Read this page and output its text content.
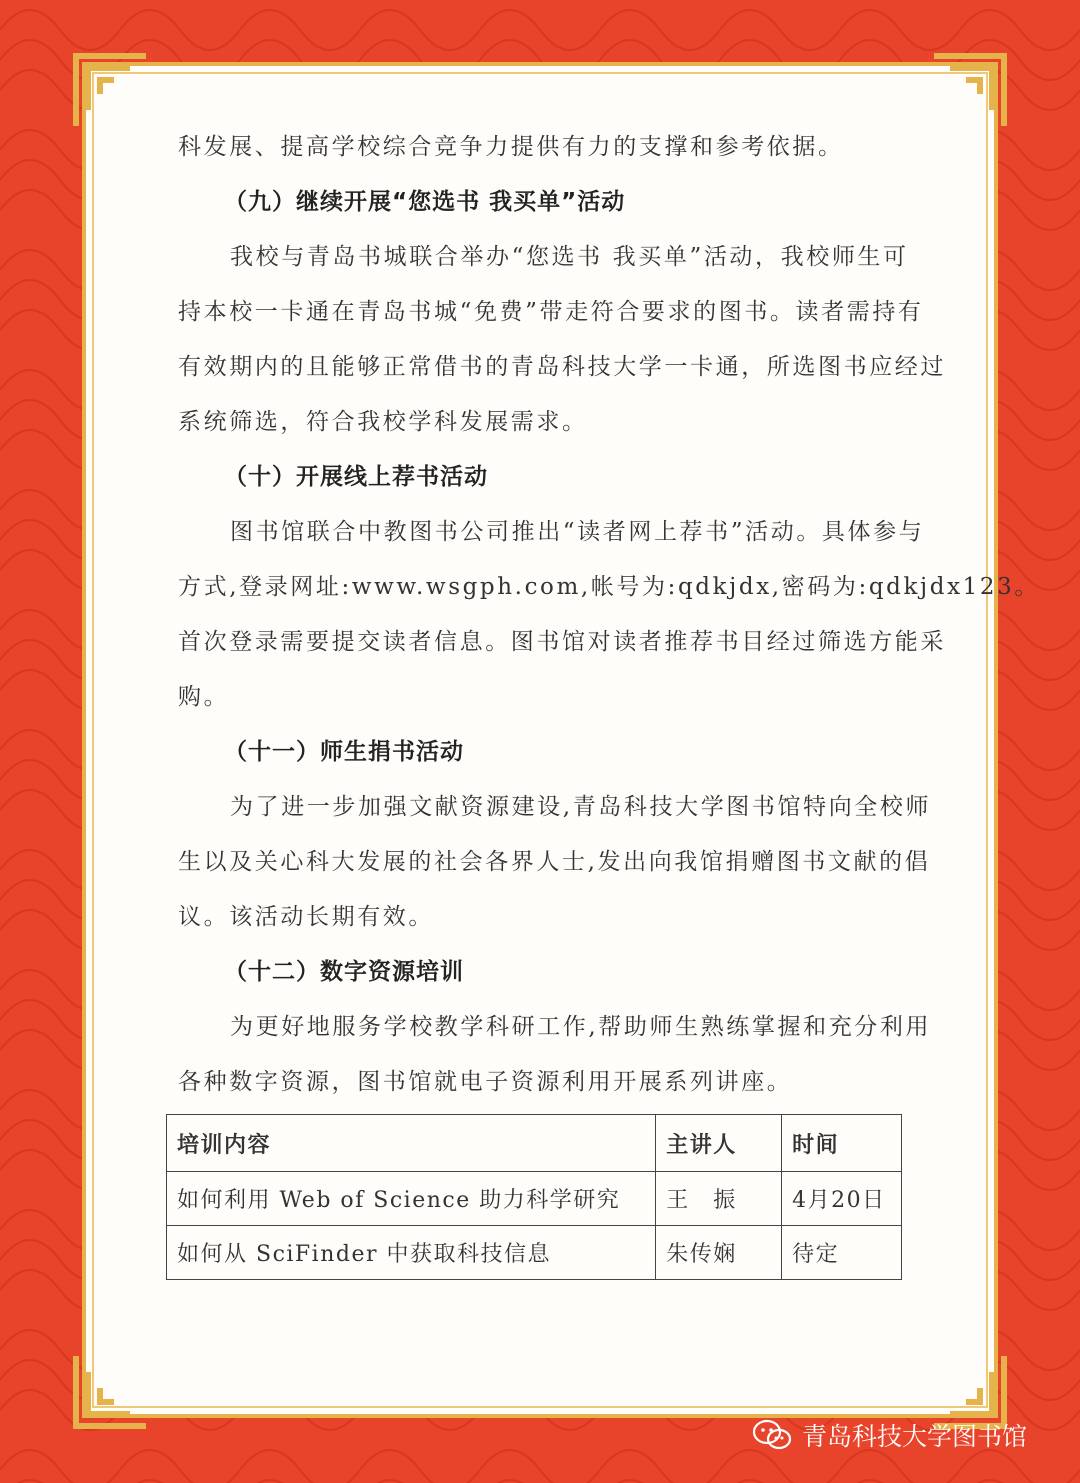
科发展、提高学校综合竞争力提供有力的支撑和参考依据。
（九）继续开展“您选书 我买单”活动
我校与青岛书城联合举办“您选书 我买单”活动，我校师生可
持本校一卡通在青岛书城“免费”带走符合要求的图书。读者需持有
有效期内的且能够正常借书的青岛科技大学一卡通，所选图书应经过
系统筛选，符合我校学科发展需求。
（十）开展线上荐书活动
图书馆联合中教图书公司推出“读者网上荐书”活动。具体参与
方式,登录网址:www.wsgph.com,帐号为:qdkjdx,密码为:qdkjdx123。
首次登录需要提交读者信息。图书馆对读者推荐书目经过筛选方能采
购。
（十一）师生捐书活动
为了进一步加强文献资源建设,青岛科技大学图书馆特向全校师
生以及关心科大发展的社会各界人士,发出向我馆捐赠图书文献的倡
议。该活动长期有效。
（十二）数字资源培训
为更好地服务学校教学科研工作,帮助师生熟练掌握和充分利用
各种数字资源，图书馆就电子资源利用开展系列讲座。
培训内容	主讲人	时间
如何利用 Web of Science 助力科学研究	王　振	4月20日
如何从 SciFinder 中获取科技信息	朱传娴	待定
青岛科技大学图书馆
